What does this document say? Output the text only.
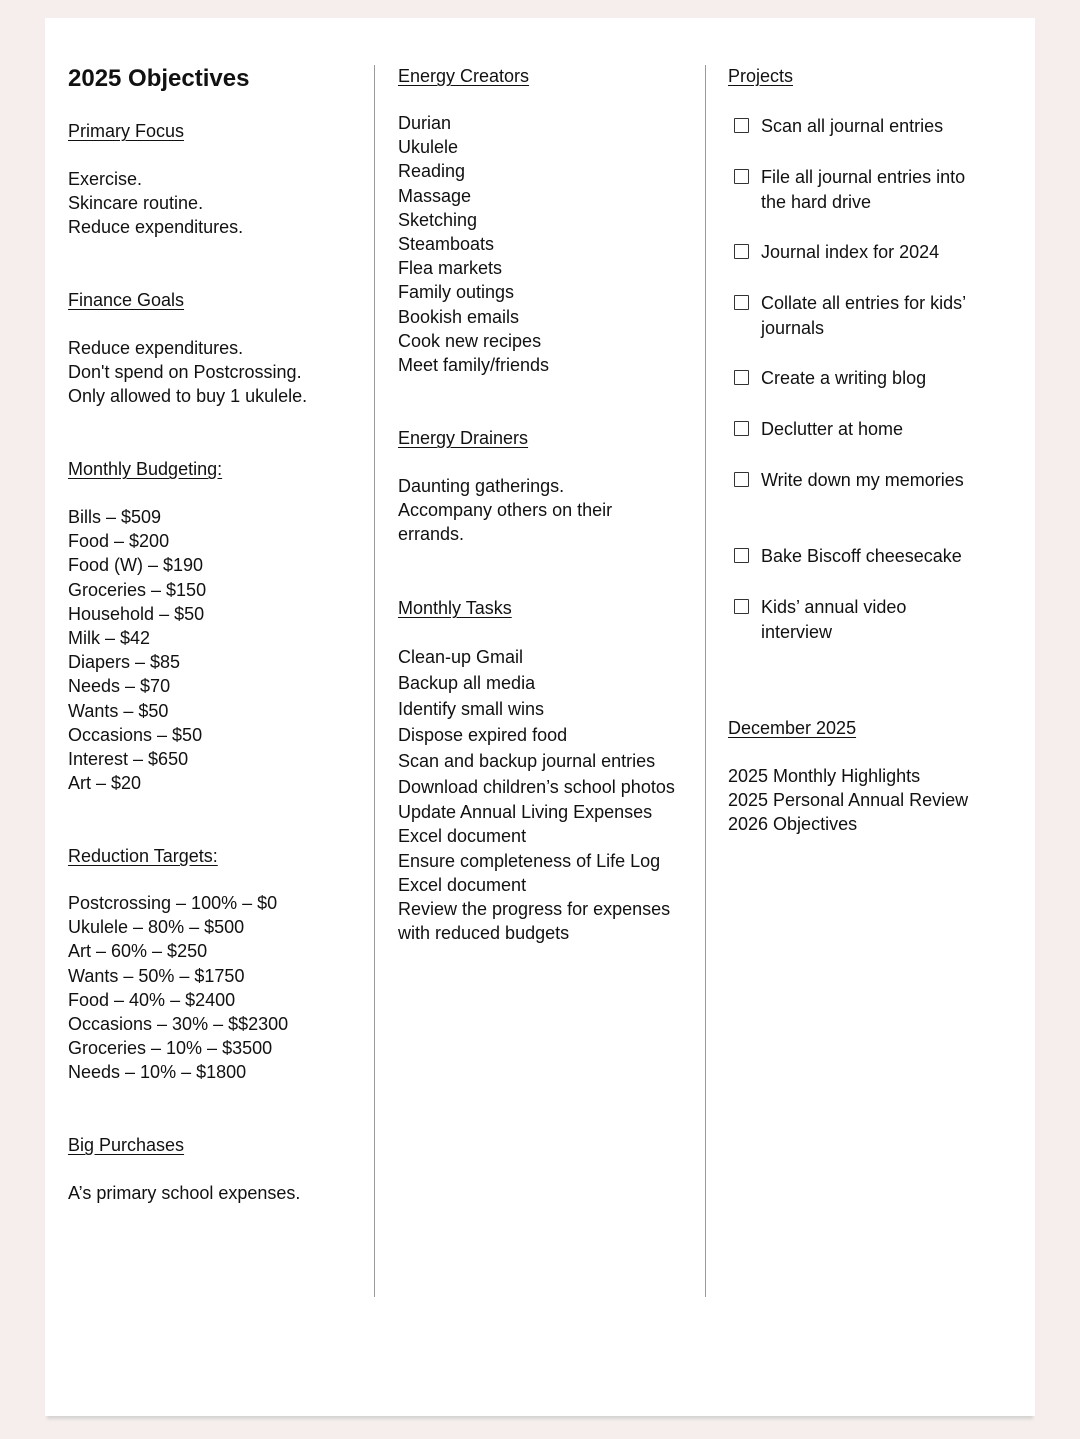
2025 Objectives
Primary Focus
Exercise.
Skincare routine.
Reduce expenditures.
Finance Goals
Reduce expenditures.
Don't spend on Postcrossing.
Only allowed to buy 1 ukulele.
Monthly Budgeting:
Bills – $509
Food – $200
Food (W) – $190
Groceries – $150
Household – $50
Milk – $42
Diapers – $85
Needs – $70
Wants – $50
Occasions – $50
Interest – $650
Art – $20
Reduction Targets:
Postcrossing – 100% – $0
Ukulele – 80% – $500
Art – 60% – $250
Wants – 50% – $1750
Food – 40% – $2400
Occasions – 30% – $$2300
Groceries – 10% – $3500
Needs – 10% – $1800
Big Purchases
A’s primary school expenses.
Energy Creators
Durian
Ukulele
Reading
Massage
Sketching
Steamboats
Flea markets
Family outings
Bookish emails
Cook new recipes
Meet family/friends
Energy Drainers
Daunting gatherings.
Accompany others on their errands.
Monthly Tasks
Clean-up Gmail
Backup all media
Identify small wins
Dispose expired food
Scan and backup journal entries
Download children’s school photos
Update Annual Living Expenses Excel document
Ensure completeness of Life Log Excel document
Review the progress for expenses with reduced budgets
Projects
Scan all journal entries
File all journal entries into the hard drive
Journal index for 2024
Collate all entries for kids’ journals
Create a writing blog
Declutter at home
Write down my memories
Bake Biscoff cheesecake
Kids’ annual video interview
December 2025
2025 Monthly Highlights
2025 Personal Annual Review
2026 Objectives
